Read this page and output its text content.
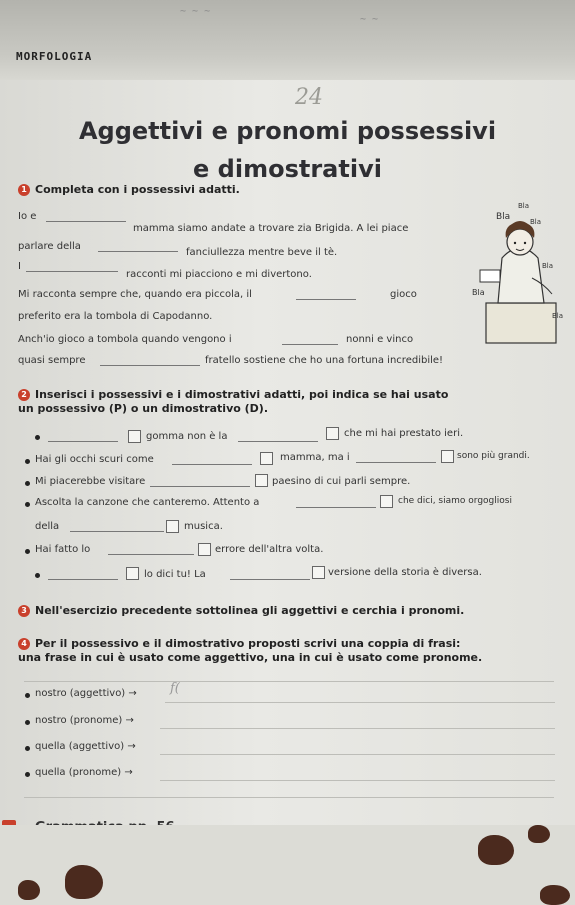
~ ~ ~
~ ~
MORFOLOGIA
24
Aggettivi e pronomi possessivi
e dimostrativi
1 Completa con i possessivi adatti.
Io e
mamma siamo andate a trovare zia Brigida. A lei piace
parlare della
fanciullezza mentre beve il tè.
I
racconti mi piacciono e mi divertono.
Mi racconta sempre che, quando era piccola, il	gioco
preferito era la tombola di Capodanno.
Anch'io gioco a tombola quando vengono i	nonni e vinco
quasi sempre	fratello sostiene che ho una fortuna incredibile!
Bla
Bla
Bla
Bla
Bla
Bla
2 Inserisci i possessivi e i dimostrativi adatti, poi indica se hai usato
un possessivo (P) o un dimostrativo (D).
gomma non è la	che mi hai prestato ieri.
Hai gli occhi scuri come	mamma, ma i	sono più grandi.
Mi piacerebbe visitare	paesino di cui parli sempre.
Ascolta la canzone che canteremo. Attento a	che dici, siamo orgogliosi
della	musica.
Hai fatto lo	errore dell'altra volta.
lo dici tu! La	versione della storia è diversa.
3 Nell'esercizio precedente sottolinea gli aggettivi e cerchia i pronomi.
4 Per il possessivo e il dimostrativo proposti scrivi una coppia di frasi:
una frase in cui è usato come aggettivo, una in cui è usato come pronome.
nostro (aggettivo) →	f(
nostro (pronome) →
quella (aggettivo) →
quella (pronome) →
